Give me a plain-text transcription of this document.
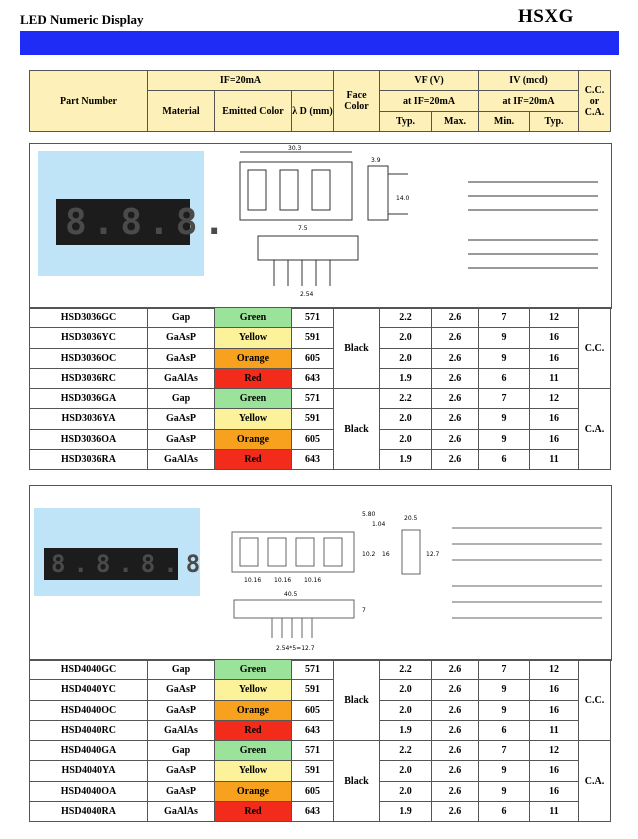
LED Numeric Display	HSXG
Part Number	IF=20mA			Face Color	VF (V)		IV (mcd)		C.C. or C.A.
	Material	Emitted Color	λ D (mm)		at IF=20mA		at IF=20mA		
					Typ.	Max.	Min.	Typ.	
8.8.8.
30.3
3.9
14.0
7.5
2.54
HSD3036GC	Gap	Green	571	Black	2.2	2.6	7	12	C.C.
HSD3036YC	GaAsP	Yellow	591		2.0	2.6	9	16	
HSD3036OC	GaAsP	Orange	605		2.0	2.6	9	16	
HSD3036RC	GaAlAs	Red	643		1.9	2.6	6	11	
HSD3036GA	Gap	Green	571	Black	2.2	2.6	7	12	C.A.
HSD3036YA	GaAsP	Yellow	591		2.0	2.6	9	16	
HSD3036OA	GaAsP	Orange	605		2.0	2.6	9	16	
HSD3036RA	GaAlAs	Red	643		1.9	2.6	6	11	
8.8.8.8
5.80
1.04
10.16 10.16 10.16
40.5
10.2 16
20.5
12.7
7
2.54*5=12.7
HSD4040GC	Gap	Green	571	Black	2.2	2.6	7	12	C.C.
HSD4040YC	GaAsP	Yellow	591		2.0	2.6	9	16	
HSD4040OC	GaAsP	Orange	605		2.0	2.6	9	16	
HSD4040RC	GaAlAs	Red	643		1.9	2.6	6	11	
HSD4040GA	Gap	Green	571	Black	2.2	2.6	7	12	C.A.
HSD4040YA	GaAsP	Yellow	591		2.0	2.6	9	16	
HSD4040OA	GaAsP	Orange	605		2.0	2.6	9	16	
HSD4040RA	GaAlAs	Red	643		1.9	2.6	6	11	
